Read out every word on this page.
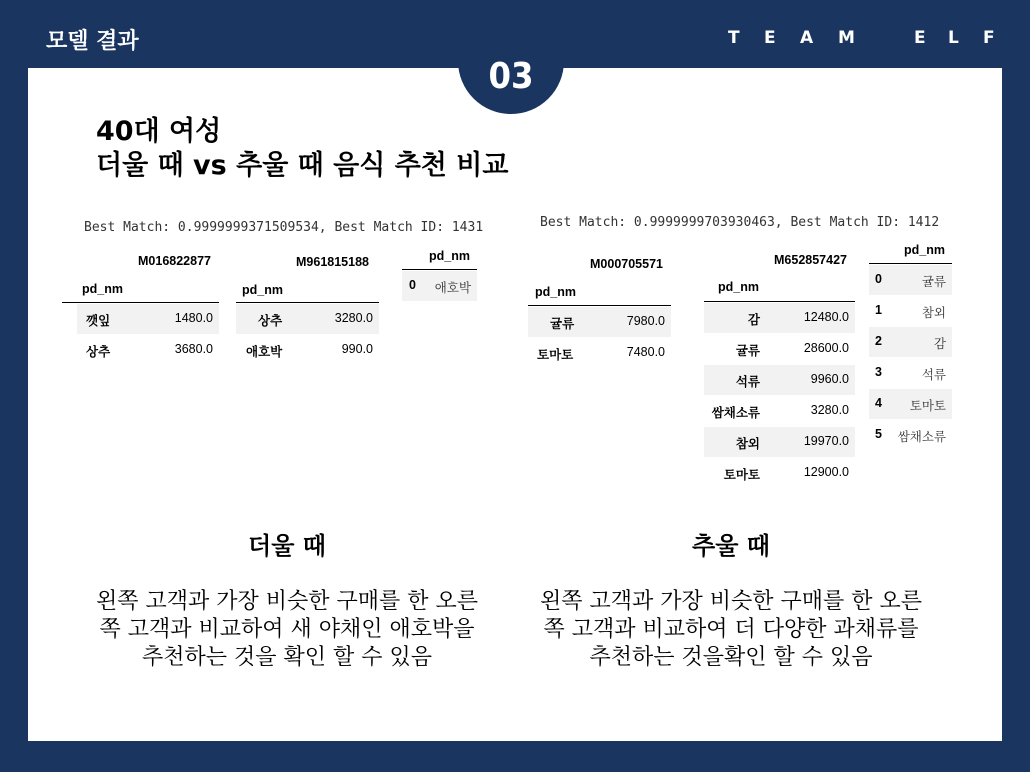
모델 결과	T E A M	E L F
03
40대 여성
더울 때 vs 추울 때 음식 추천 비교
Best Match: 0.9999999371509534, Best Match ID: 1431
M016822877
pd_nm
깻잎	1480.0
상추	3680.0
M961815188
pd_nm
상추	3280.0
애호박	990.0
pd_nm
0 애호박
Best Match: 0.9999999703930463, Best Match ID: 1412
M000705571
pd_nm
귤류	7980.0
토마토	7480.0
M652857427
pd_nm
감	12480.0
귤류	28600.0
석류	9960.0
쌈채소류	3280.0
참외	19970.0
토마토	12900.0
pd_nm
0	귤류
1	참외
2	감
3	석류
4 토마토
5 쌈채소류
더울 때	추울 때
왼쪽 고객과 가장 비슷한 구매를 한 오른
쪽 고객과 비교하여 새 야채인 애호박을
추천하는 것을 확인 할 수 있음
왼쪽 고객과 가장 비슷한 구매를 한 오른
쪽 고객과 비교하여 더 다양한 과채류를
추천하는 것을확인 할 수 있음
